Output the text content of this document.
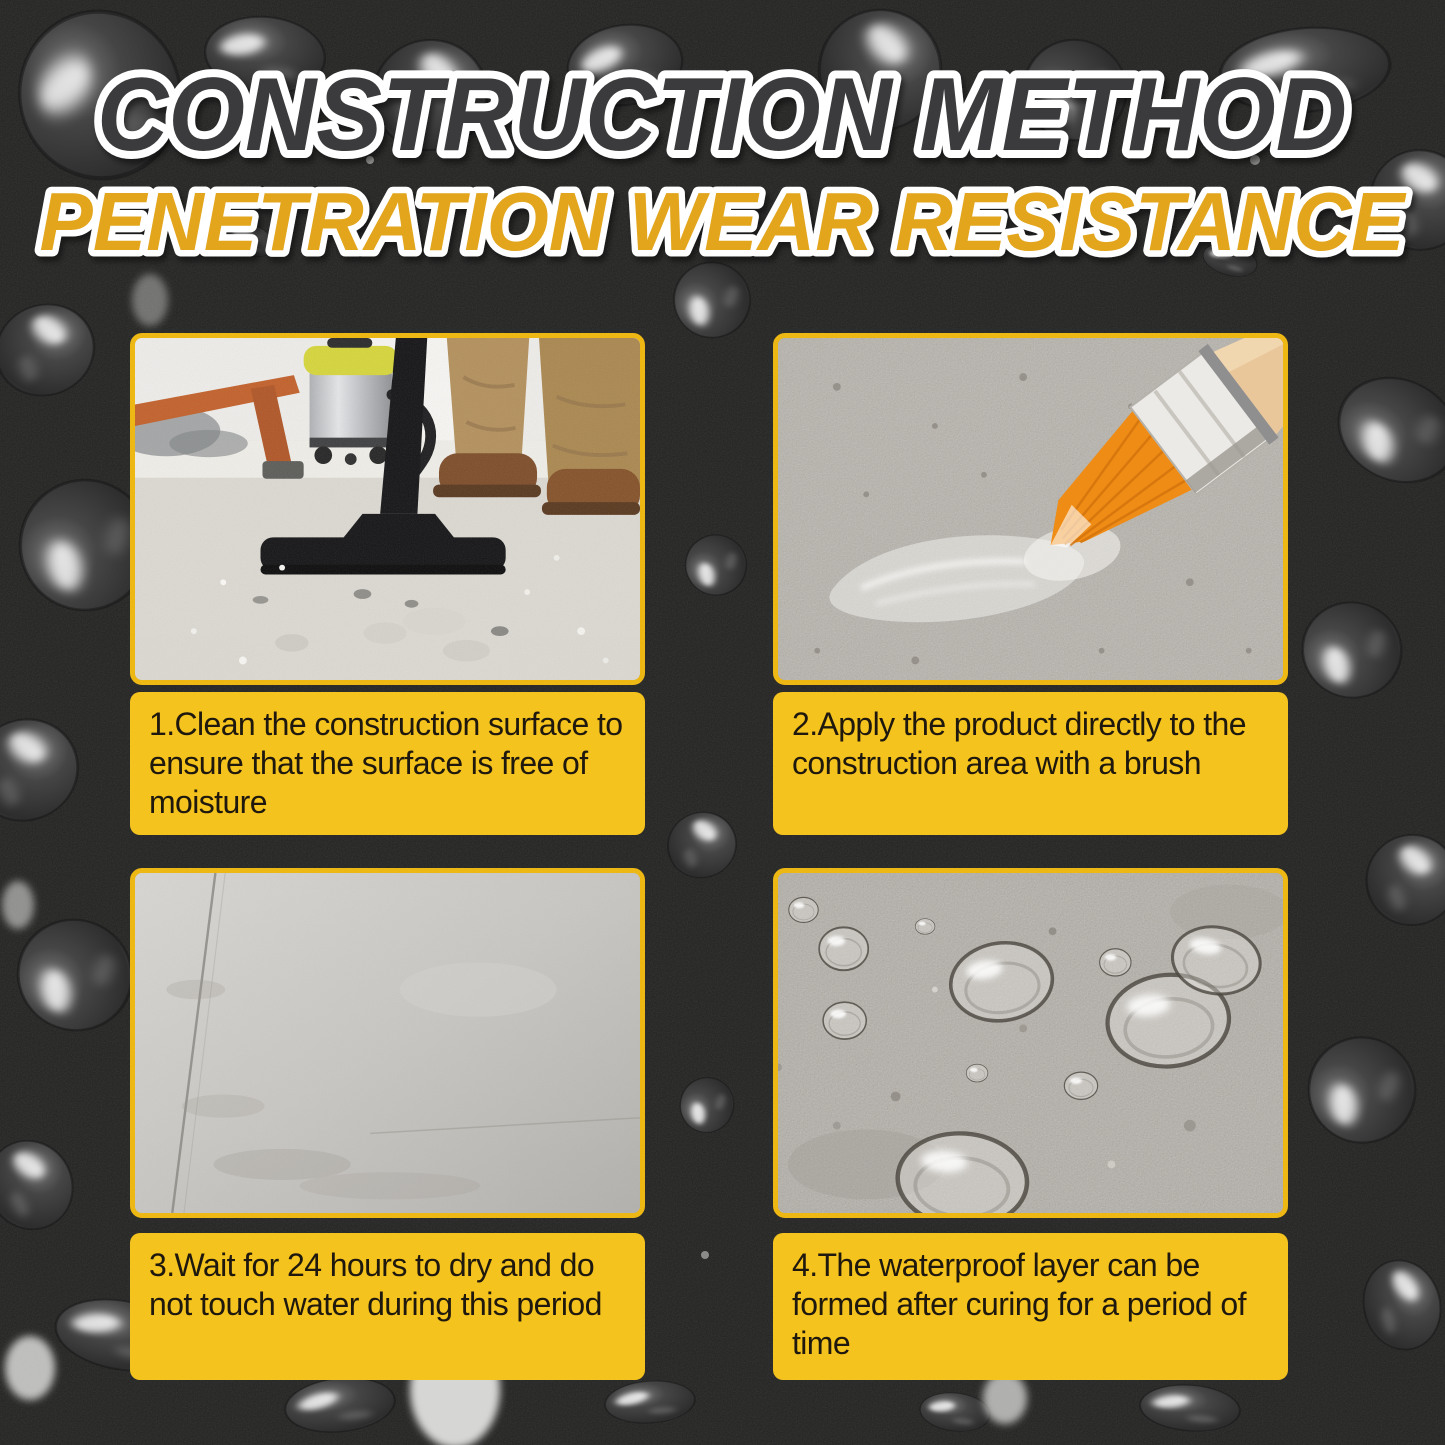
CONSTRUCTION METHOD
PENETRATION WEAR RESISTANCE
1.Clean the construction surface to ensure that the surface is free of moisture
2.Apply the product directly to the construction area with a brush
3.Wait for 24 hours to dry and do not touch water during this period
4.The waterproof layer can be formed after curing for a period of time
